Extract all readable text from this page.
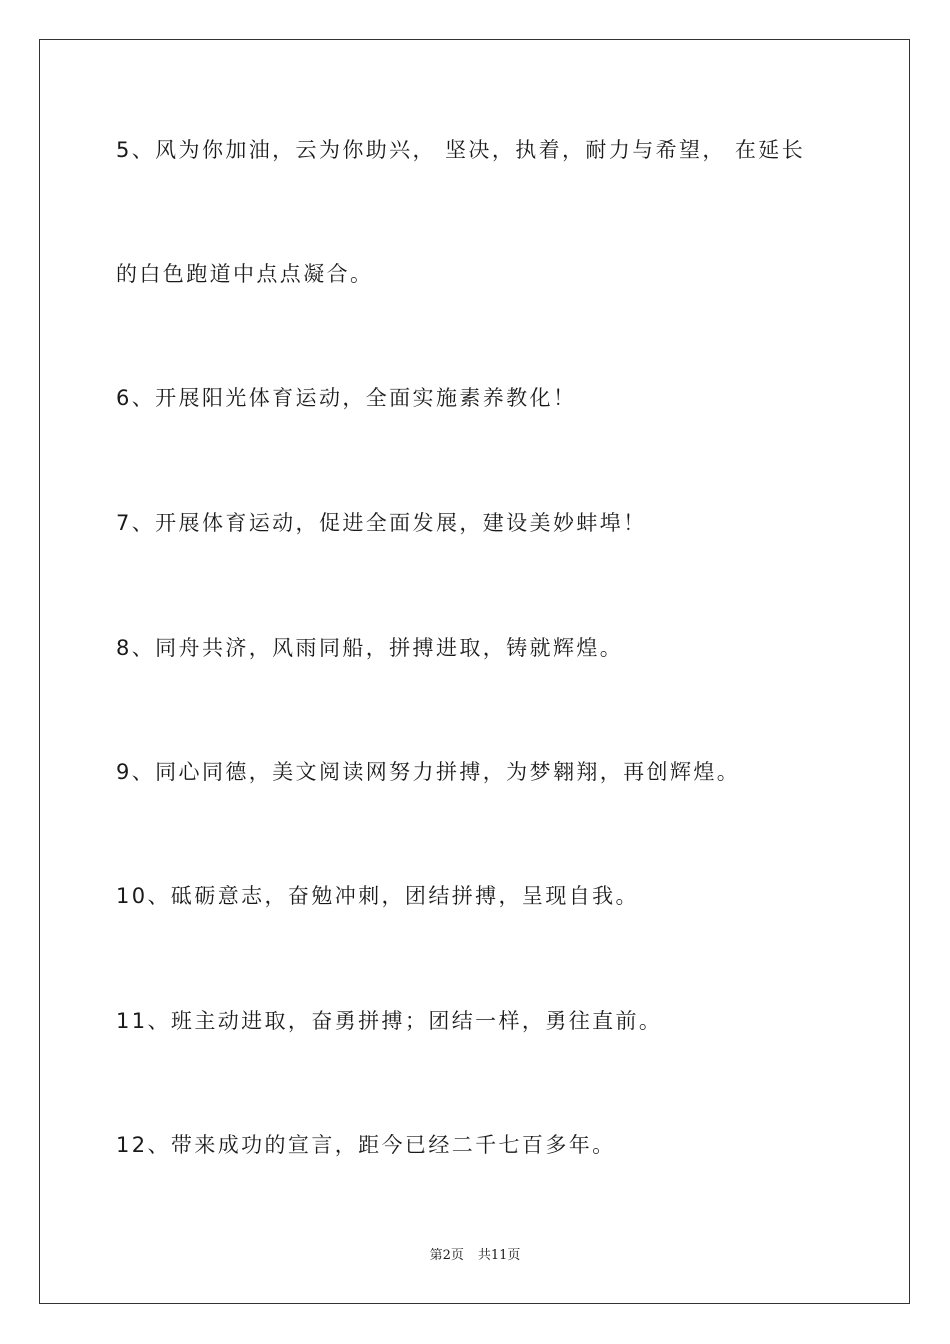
5、风为你加油，云为你助兴， 坚决，执着，耐力与希望， 在延长
的白色跑道中点点凝合。
6、开展阳光体育运动，全面实施素养教化！
7、开展体育运动，促进全面发展，建设美妙蚌埠！
8、同舟共济，风雨同船，拼搏进取，铸就辉煌。
9、同心同德，美文阅读网努力拼搏，为梦翱翔，再创辉煌。
10、砥砺意志，奋勉冲刺，团结拼搏，呈现自我。
11、班主动进取，奋勇拼搏；团结一样，勇往直前。
12、带来成功的宣言，距今已经二千七百多年。
第2页 共11页
